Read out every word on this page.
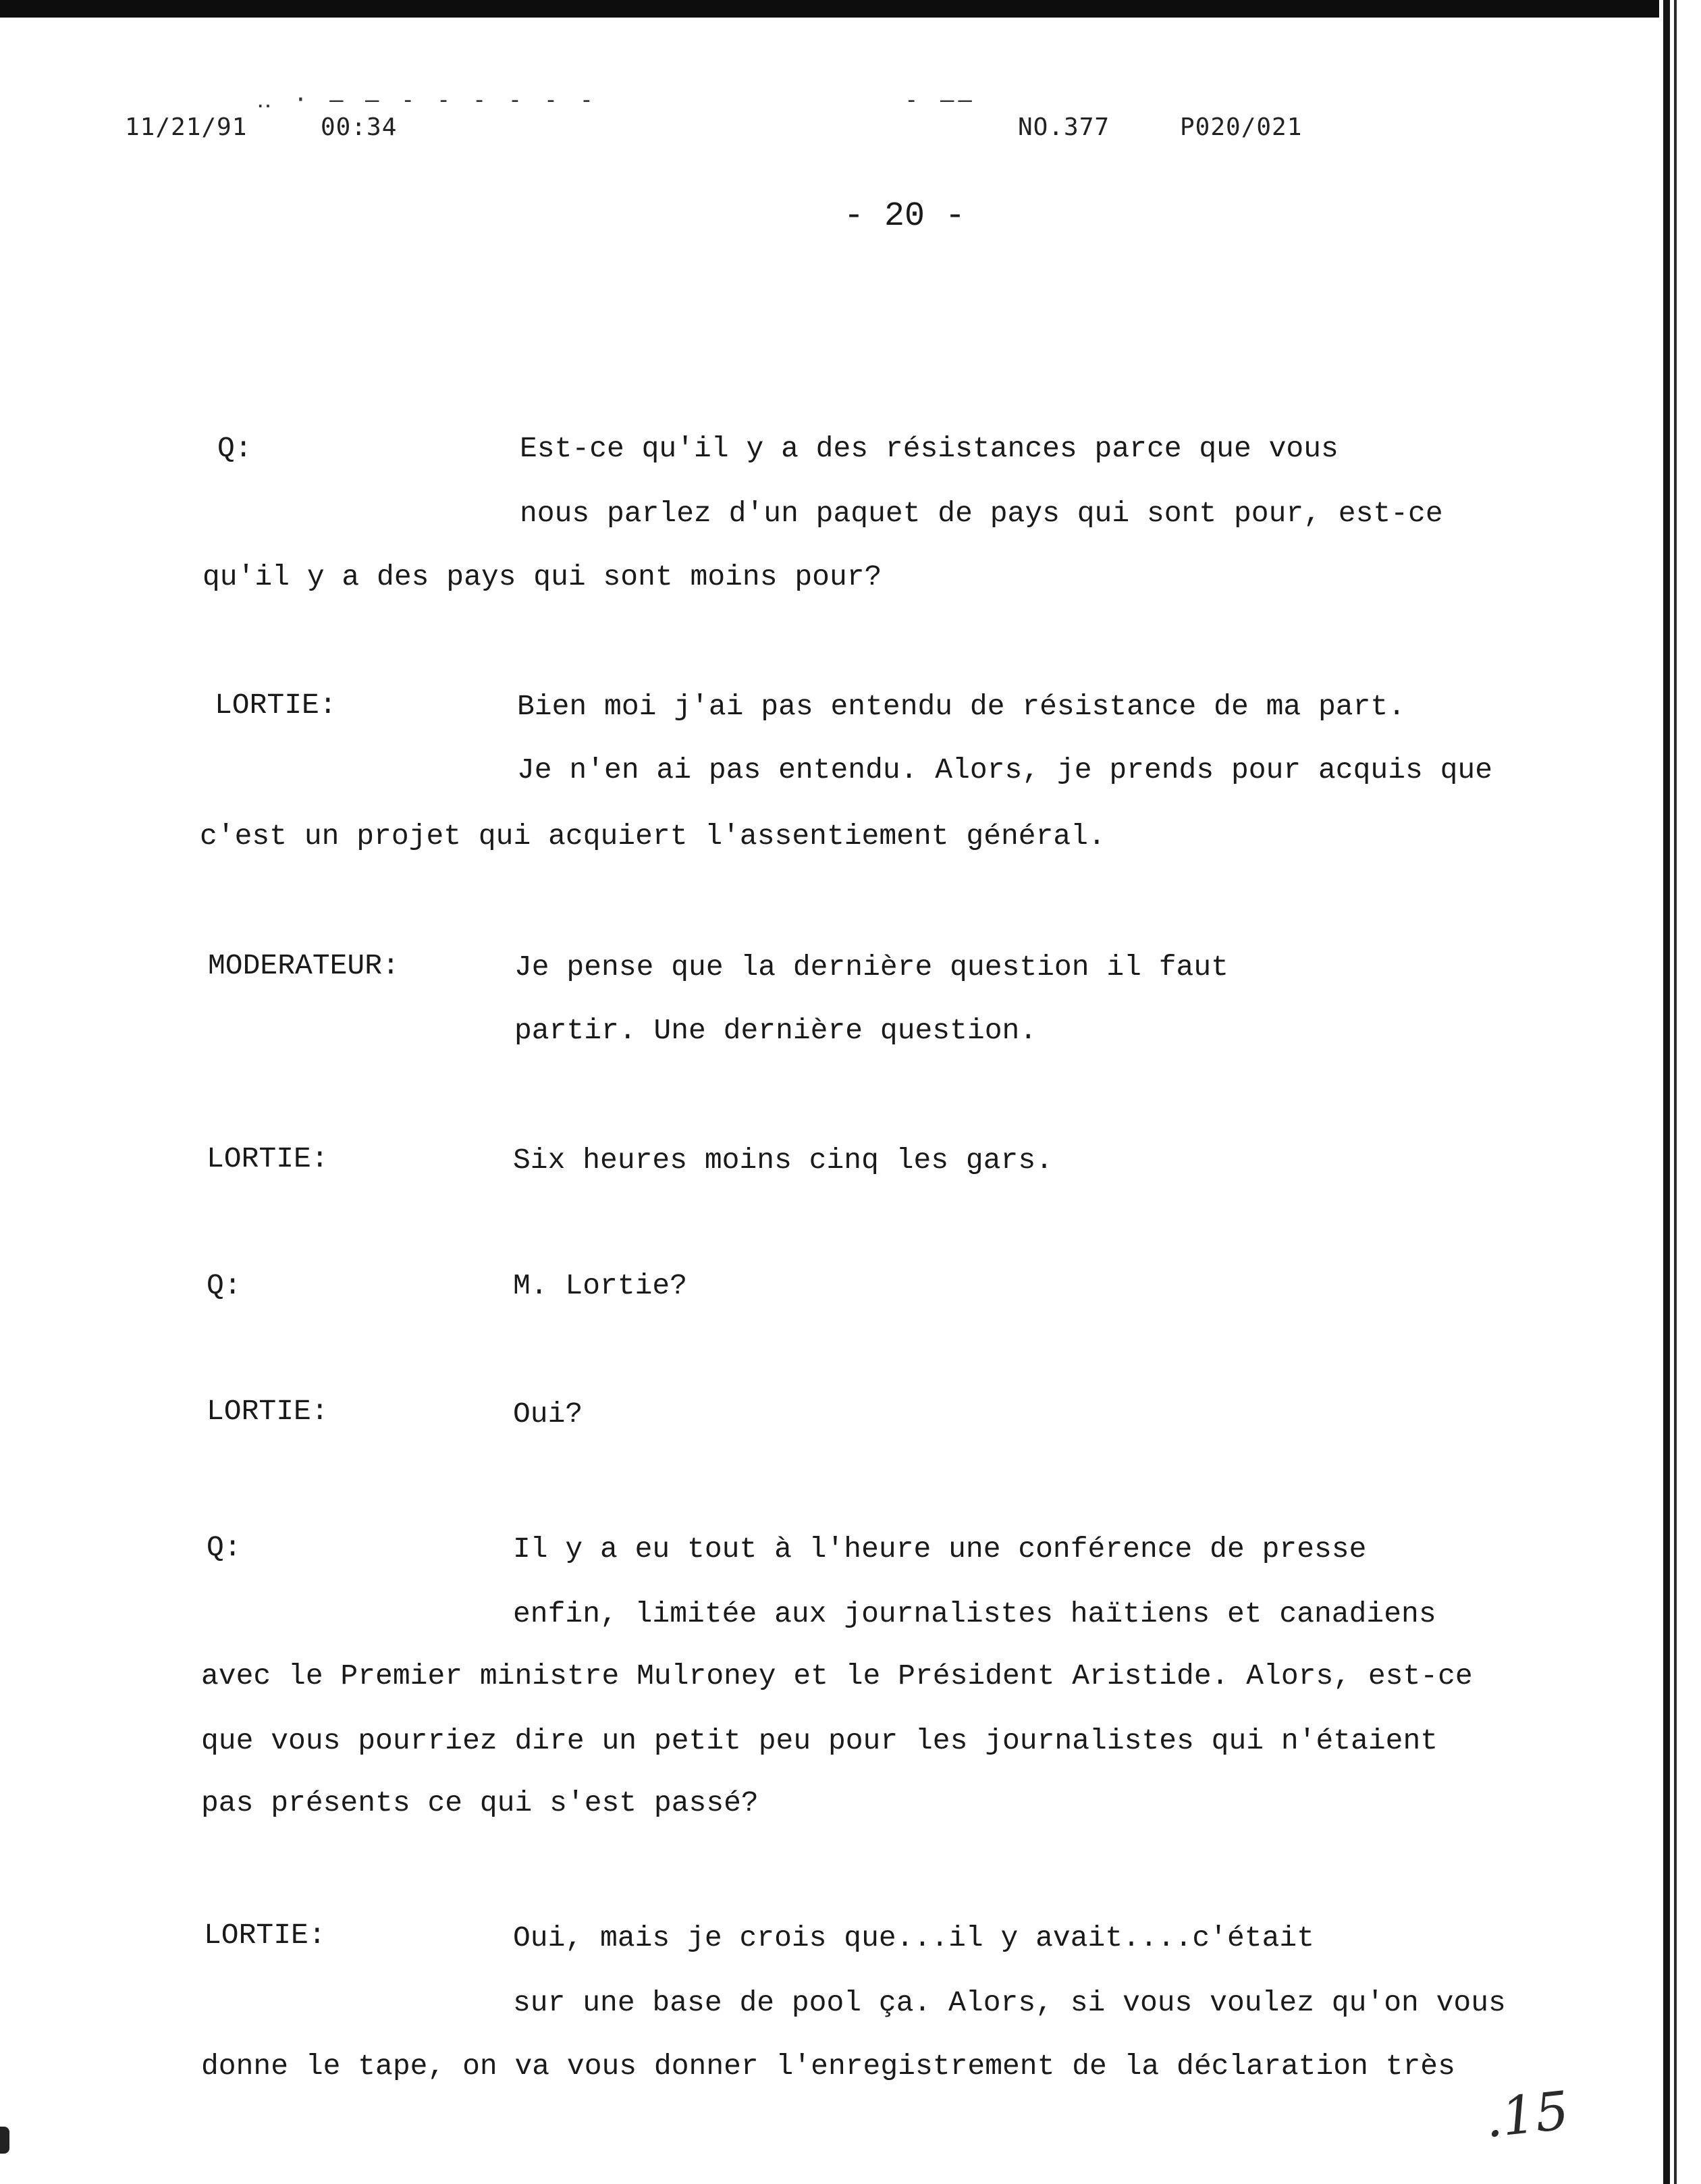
‥ · ‒ ‒ ‐ ‐ ‐ ‐ ‐ ‐	‐ ‒‒
11/21/91	00:34	NO.377	P020/021
- 20 -
Q:	Est-ce qu'il y a des résistances parce que vous
nous parlez d'un paquet de pays qui sont pour, est-ce
qu'il y a des pays qui sont moins pour?
LORTIE:	Bien moi j'ai pas entendu de résistance de ma part.
Je n'en ai pas entendu. Alors, je prends pour acquis que
c'est un projet qui acquiert l'assentiement général.
MODERATEUR:	Je pense que la dernière question il faut
partir. Une dernière question.
LORTIE:	Six heures moins cinq les gars.
Q:	M. Lortie?
LORTIE:	Oui?
Q:	Il y a eu tout à l'heure une conférence de presse
enfin, limitée aux journalistes haïtiens et canadiens
avec le Premier ministre Mulroney et le Président Aristide. Alors, est-ce
que vous pourriez dire un petit peu pour les journalistes qui n'étaient
pas présents ce qui s'est passé?
LORTIE:	Oui, mais je crois que...il y avait....c'était
sur une base de pool ça. Alors, si vous voulez qu'on vous
donne le tape, on va vous donner l'enregistrement de la déclaration très
.15
